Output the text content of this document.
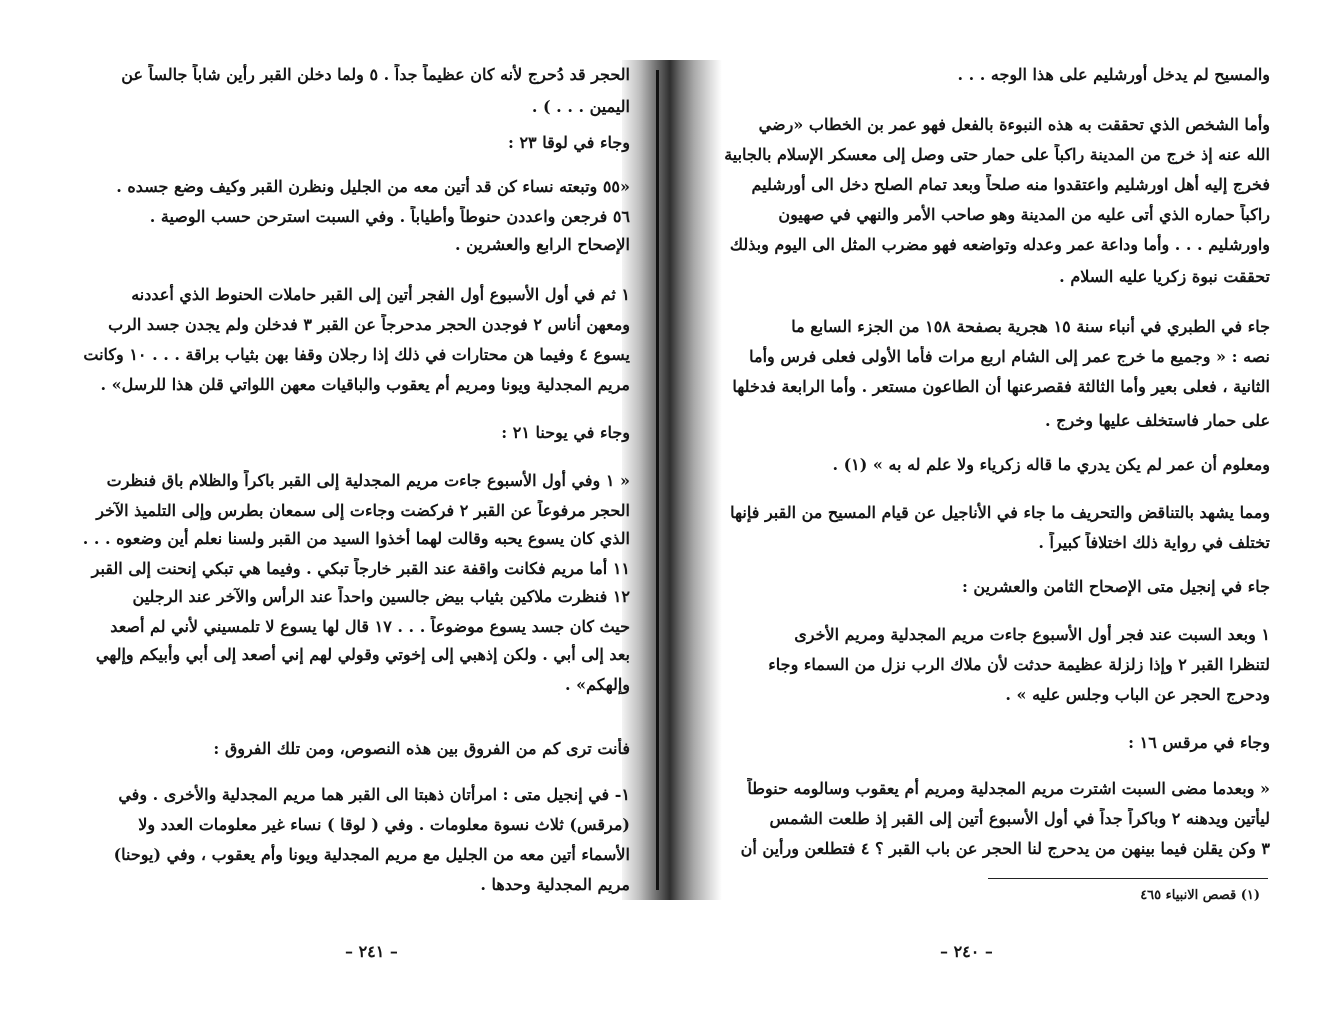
الحجر قد دُحرج لأنه كان عظيماً جداً . ٥ ولما دخلن القبر رأين شاباً جالساً عن
اليمين . . . ) .
وجاء في لوقا ٢٣ :
«٥٥ وتبعته نساء كن قد أتين معه من الجليل ونظرن القبر وكيف وضع جسده .
٥٦ فرجعن واعددن حنوطاً وأطياباً . وفي السبت استرحن حسب الوصية .
الإصحاح الرابع والعشرين .
١ ثم في أول الأسبوع أول الفجر أتين إلى القبر حاملات الحنوط الذي أعددنه
ومعهن أناس ٢ فوجدن الحجر مدحرجاً عن القبر ٣ فدخلن ولم يجدن جسد الرب
يسوع ٤ وفيما هن محتارات في ذلك إذا رجلان وقفا بهن بثياب براقة . . . ١٠ وكانت
مريم المجدلية ويونا ومريم أم يعقوب والباقيات معهن اللواتي قلن هذا للرسل» .
وجاء في يوحنا ٢١ :
« ١ وفي أول الأسبوع جاءت مريم المجدلية إلى القبر باكراً والظلام باق فنظرت
الحجر مرفوعاً عن القبر ٢ فركضت وجاءت إلى سمعان بطرس وإلى التلميذ الآخر
الذي كان يسوع يحبه وقالت لهما أخذوا السيد من القبر ولسنا نعلم أين وضعوه . . .
١١ أما مريم فكانت واقفة عند القبر خارجاً تبكي . وفيما هي تبكي إنحنت إلى القبر
١٢ فنظرت ملاكين بثياب بيض جالسين واحداً عند الرأس والآخر عند الرجلين
حيث كان جسد يسوع موضوعاً . . . ١٧ قال لها يسوع لا تلمسيني لأني لم أصعد
بعد إلى أبي . ولكن إذهبي إلى إخوتي وقولي لهم إني أصعد إلى أبي وأبيكم وإلهي
وإلهكم» .
فأنت ترى كم من الفروق بين هذه النصوص، ومن تلك الفروق :
١- في إنجيل متى : امرأتان ذهبتا الى القبر هما مريم المجدلية والأخرى . وفي
(مرقس) ثلاث نسوة معلومات . وفي ( لوقا ) نساء غير معلومات العدد ولا
الأسماء أتين معه من الجليل مع مريم المجدلية ويونا وأم يعقوب ، وفي (يوحنا)
مريم المجدلية وحدها .
– ٢٤١ –
والمسيح لم يدخل أورشليم على هذا الوجه . . .
وأما الشخص الذي تحققت به هذه النبوءة بالفعل فهو عمر بن الخطاب «رضي
الله عنه إذ خرج من المدينة راكباً على حمار حتى وصل إلى معسكر الإسلام بالجابية
فخرج إليه أهل اورشليم واعتقدوا منه صلحاً وبعد تمام الصلح دخل الى أورشليم
راكباً حماره الذي أتى عليه من المدينة وهو صاحب الأمر والنهي في صهيون
واورشليم . . . وأما وداعة عمر وعدله وتواضعه فهو مضرب المثل الى اليوم وبذلك
تحققت نبوة زكريا عليه السلام .
جاء في الطبري في أنباء سنة ١٥ هجرية بصفحة ١٥٨ من الجزء السابع ما
نصه : « وجميع ما خرج عمر إلى الشام اربع مرات فأما الأولى فعلى فرس وأما
الثانية ، فعلى بعير وأما الثالثة فقصرعنها أن الطاعون مستعر . وأما الرابعة فدخلها
على حمار فاستخلف عليها وخرج .
ومعلوم أن عمر لم يكن يدري ما قاله زكرياء ولا علم له به » (١) .
ومما يشهد بالتناقض والتحريف ما جاء في الأناجيل عن قيام المسيح من القبر فإنها
تختلف في رواية ذلك اختلافاً كبيراً .
جاء في إنجيل متى الإصحاح الثامن والعشرين :
١ وبعد السبت عند فجر أول الأسبوع جاءت مريم المجدلية ومريم الأخرى
لتنظرا القبر ٢ وإذا زلزلة عظيمة حدثت لأن ملاك الرب نزل من السماء وجاء
ودحرج الحجر عن الباب وجلس عليه » .
وجاء في مرقس ١٦ :
« وبعدما مضى السبت اشترت مريم المجدلية ومريم أم يعقوب وسالومه حنوطاً
ليأتين ويدهنه ٢ وباكراً جداً في أول الأسبوع أتين إلى القبر إذ طلعت الشمس
٣ وكن يقلن فيما بينهن من يدحرج لنا الحجر عن باب القبر ؟ ٤ فتطلعن ورأين أن
(١) قصص الانبياء ٤٦٥
– ٢٤٠ –
